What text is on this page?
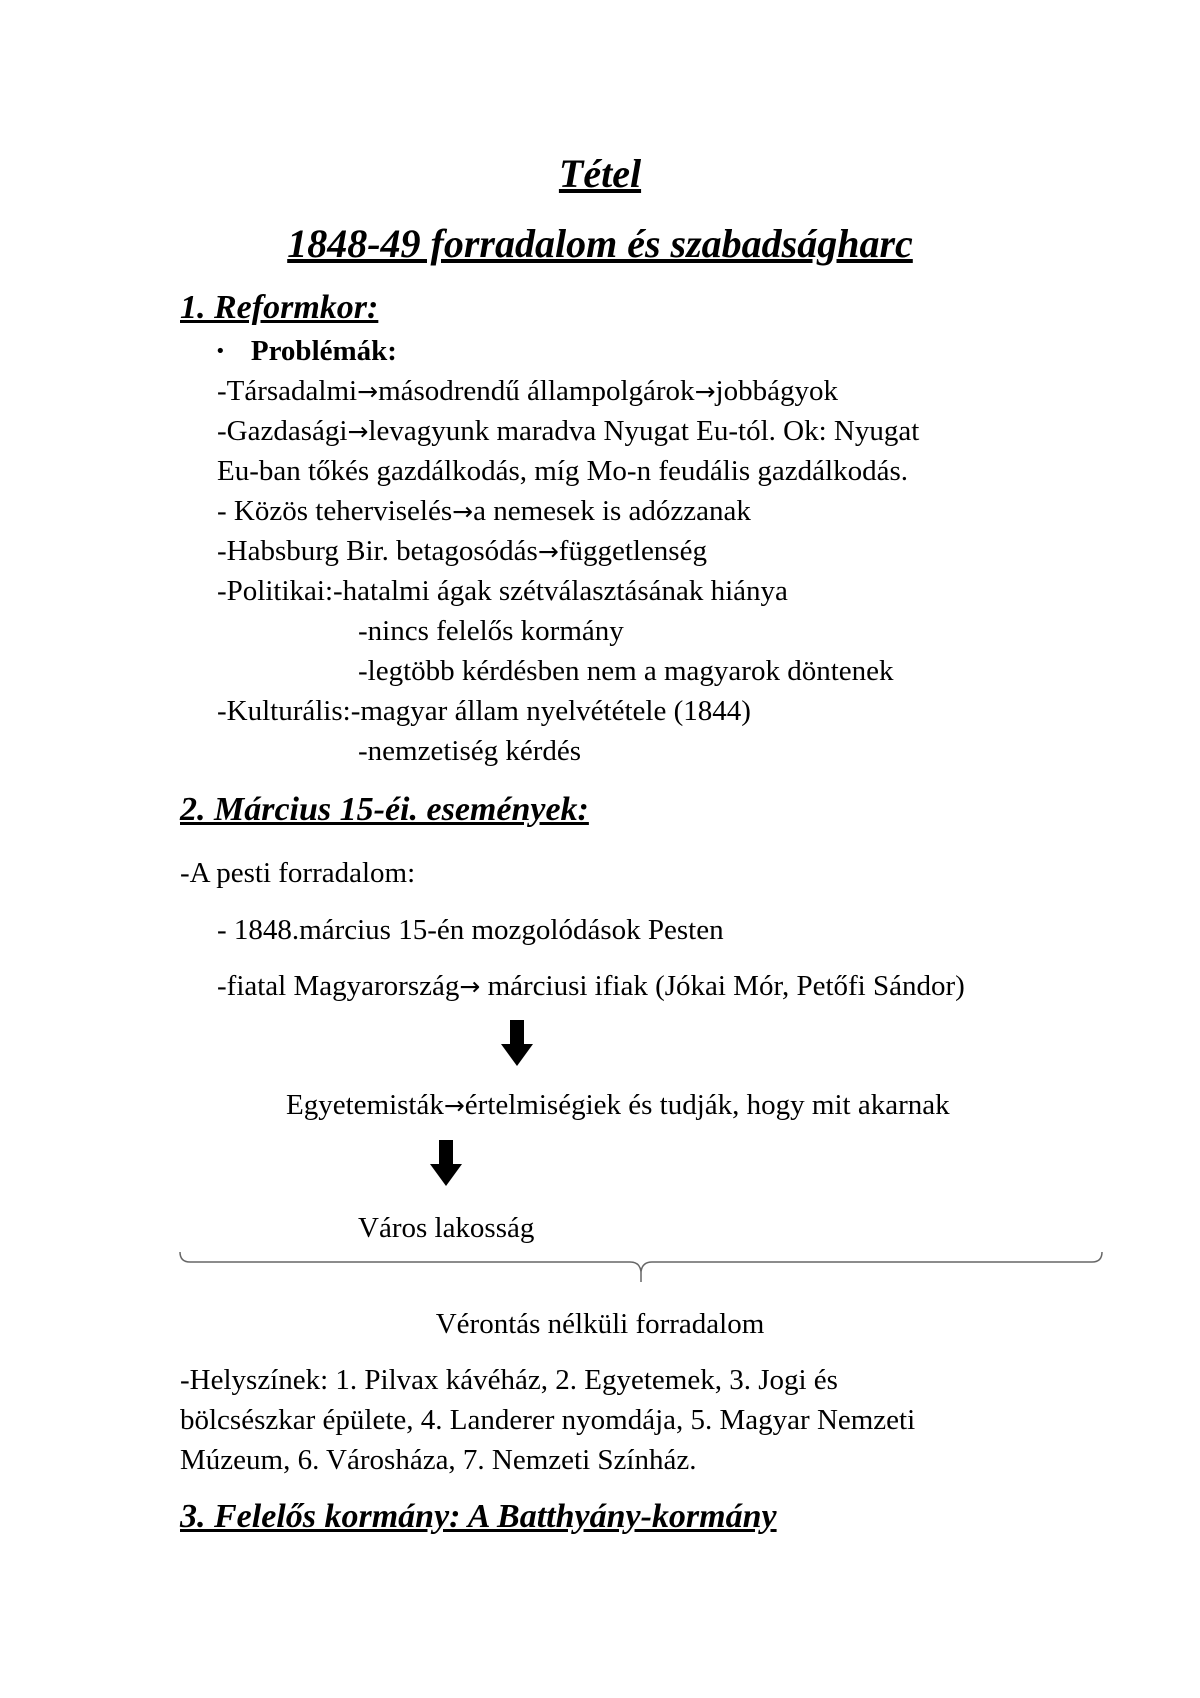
Tétel
1848-49 forradalom és szabadságharc
1. Reformkor:
• Problémák:
-Társadalmi→másodrendű állampolgárok→jobbágyok
-Gazdasági→levagyunk maradva Nyugat Eu-tól. Ok: Nyugat
Eu-ban tőkés gazdálkodás, míg Mo-n feudális gazdálkodás.
- Közös teherviselés→a nemesek is adózzanak
-Habsburg Bir. betagosódás→függetlenség
-Politikai:-hatalmi ágak szétválasztásának hiánya
-nincs felelős kormány
-legtöbb kérdésben nem a magyarok döntenek
-Kulturális:-magyar állam nyelvététele (1844)
-nemzetiség kérdés
2. Március 15-éi. események:
-A pesti forradalom:
- 1848.március 15-én mozgolódások Pesten
-fiatal Magyarország→ márciusi ifiak (Jókai Mór, Petőfi Sándor)
Egyetemisták→értelmiségiek és tudják, hogy mit akarnak
Város lakosság
Vérontás nélküli forradalom
-Helyszínek: 1. Pilvax kávéház, 2. Egyetemek, 3. Jogi és
bölcsészkar épülete, 4. Landerer nyomdája, 5. Magyar Nemzeti
Múzeum, 6. Városháza, 7. Nemzeti Színház.
3. Felelős kormány: A Batthyány-kormány
